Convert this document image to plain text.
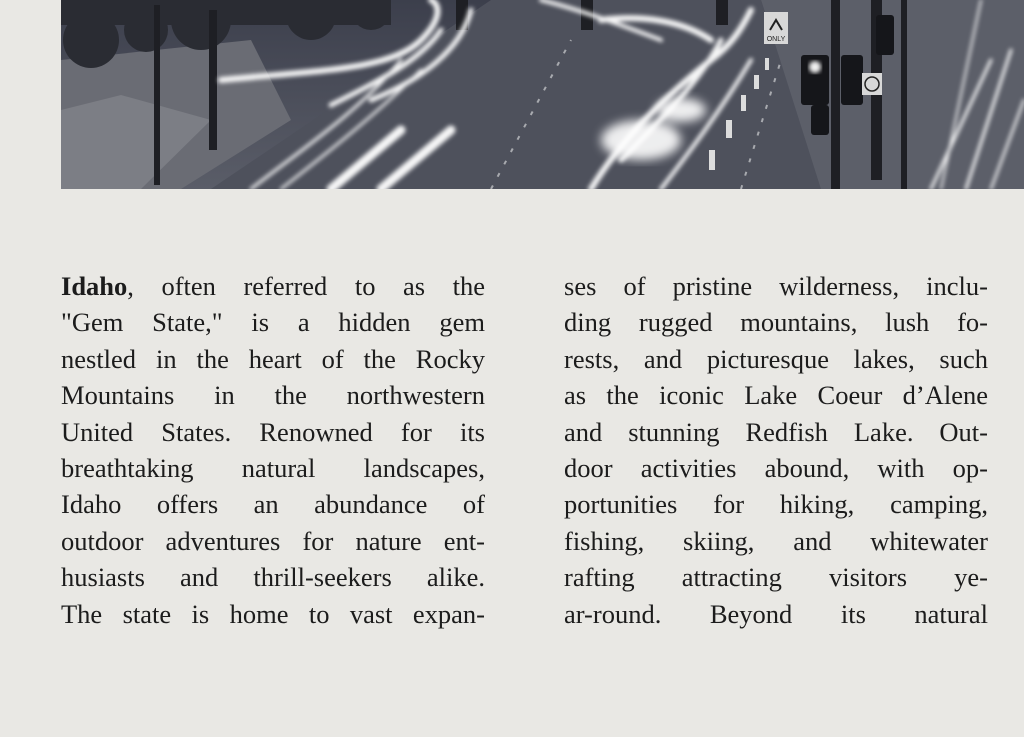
ONLY
Idaho, often referred to as the
"Gem State," is a hidden gem
nestled in the heart of the Rocky
Mountains in the northwestern
United States. Renowned for its
breathtaking natural landscapes,
Idaho offers an abundance of
outdoor adventures for nature ent-
husiasts and thrill-seekers alike.
The state is home to vast expan-
ses of pristine wilderness, inclu-
ding rugged mountains, lush fo-
rests, and picturesque lakes, such
as the iconic Lake Coeur d’Alene
and stunning Redfish Lake. Out-
door activities abound, with op-
portunities for hiking, camping,
fishing, skiing, and whitewater
rafting attracting visitors ye-
ar-round. Beyond its natural
